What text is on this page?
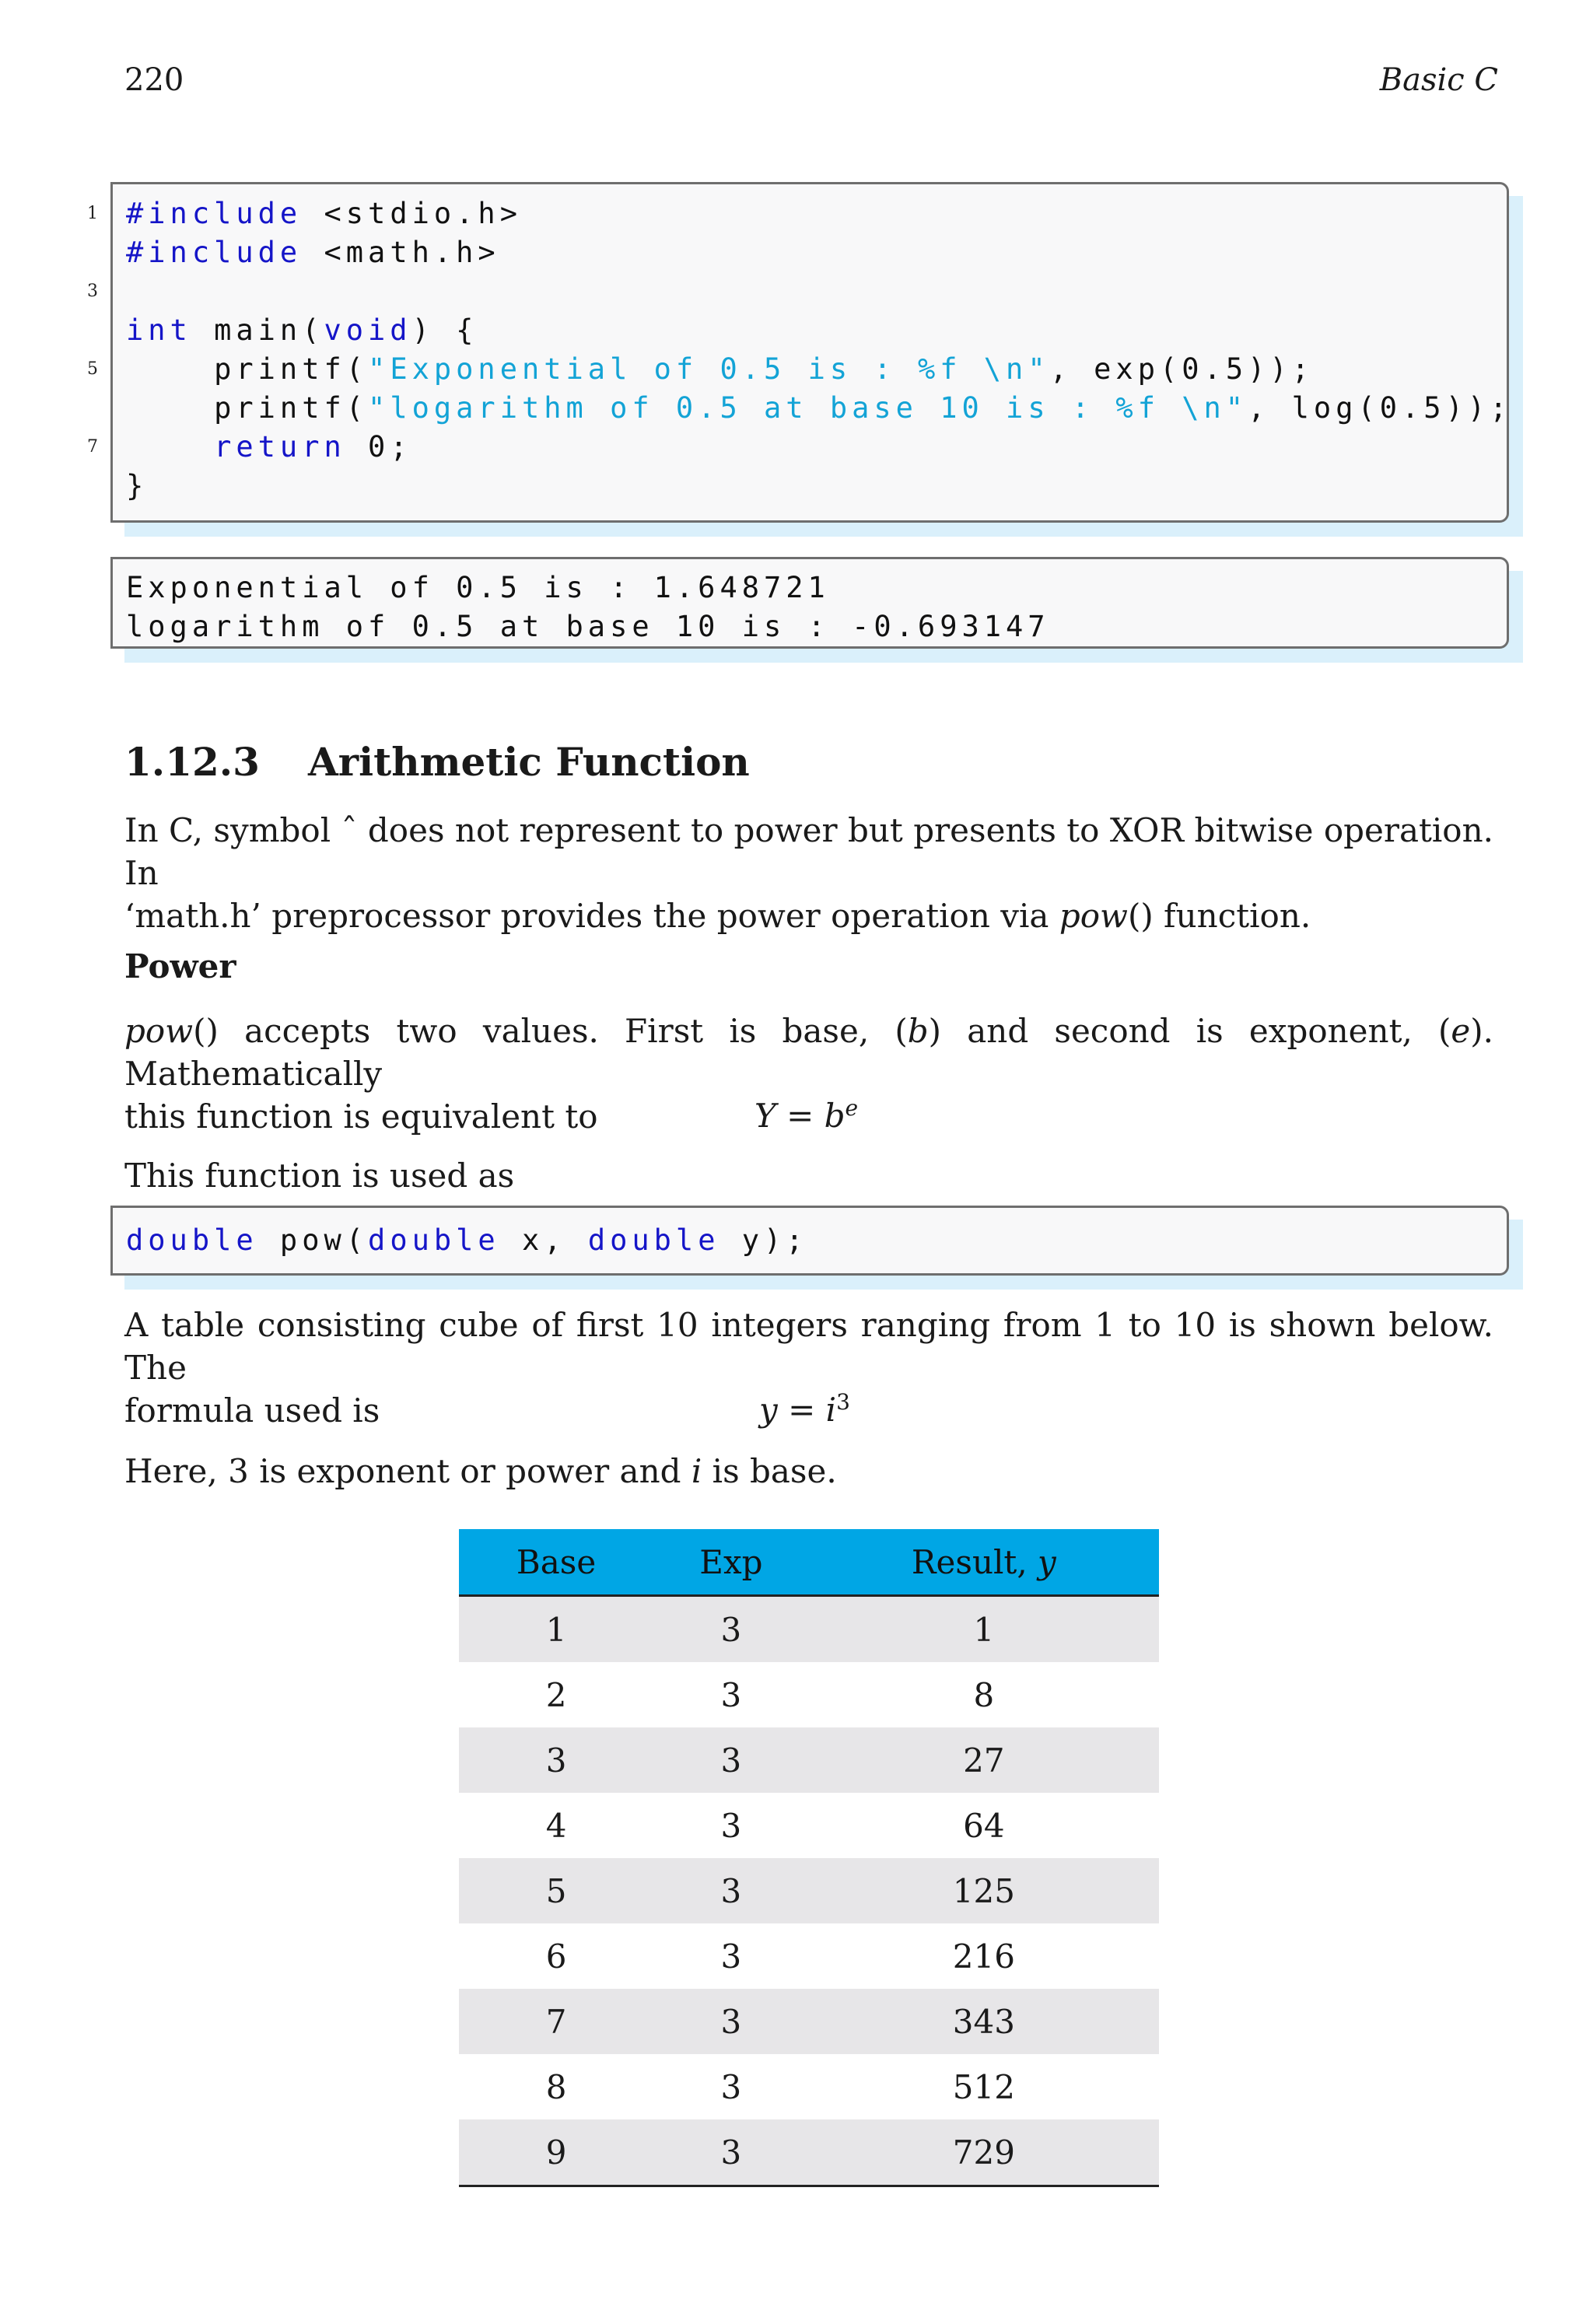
220	Basic C
1
3
5
7
#include <stdio.h>
#include <math.h>
int main(void) {
printf("Exponential of 0.5 is : %f \n", exp(0.5));
printf("logarithm of 0.5 at base 10 is : %f \n", log(0.5));
return 0;
}
Exponential of 0.5 is : 1.648721
logarithm of 0.5 at base 10 is : -0.693147
1.12.3 Arithmetic Function
In C, symbol ˆ does not represent to power but presents to XOR bitwise operation. In
‘math.h’ preprocessor provides the power operation via pow() function.
Power
pow() accepts two values. First is base, (b) and second is exponent, (e). Mathematically
this function is equivalent to	$Y = b^e$
This function is used as
double pow(double x, double y);
A table consisting cube of first 10 integers ranging from 1 to 10 is shown below. The
formula used is	$y = i^3$
Here, 3 is exponent or power and i is base.
Base	Exp	Result, y
1	3	1
2	3	8
3	3	27
4	3	64
5	3	125
6	3	216
7	3	343
8	3	512
9	3	729
